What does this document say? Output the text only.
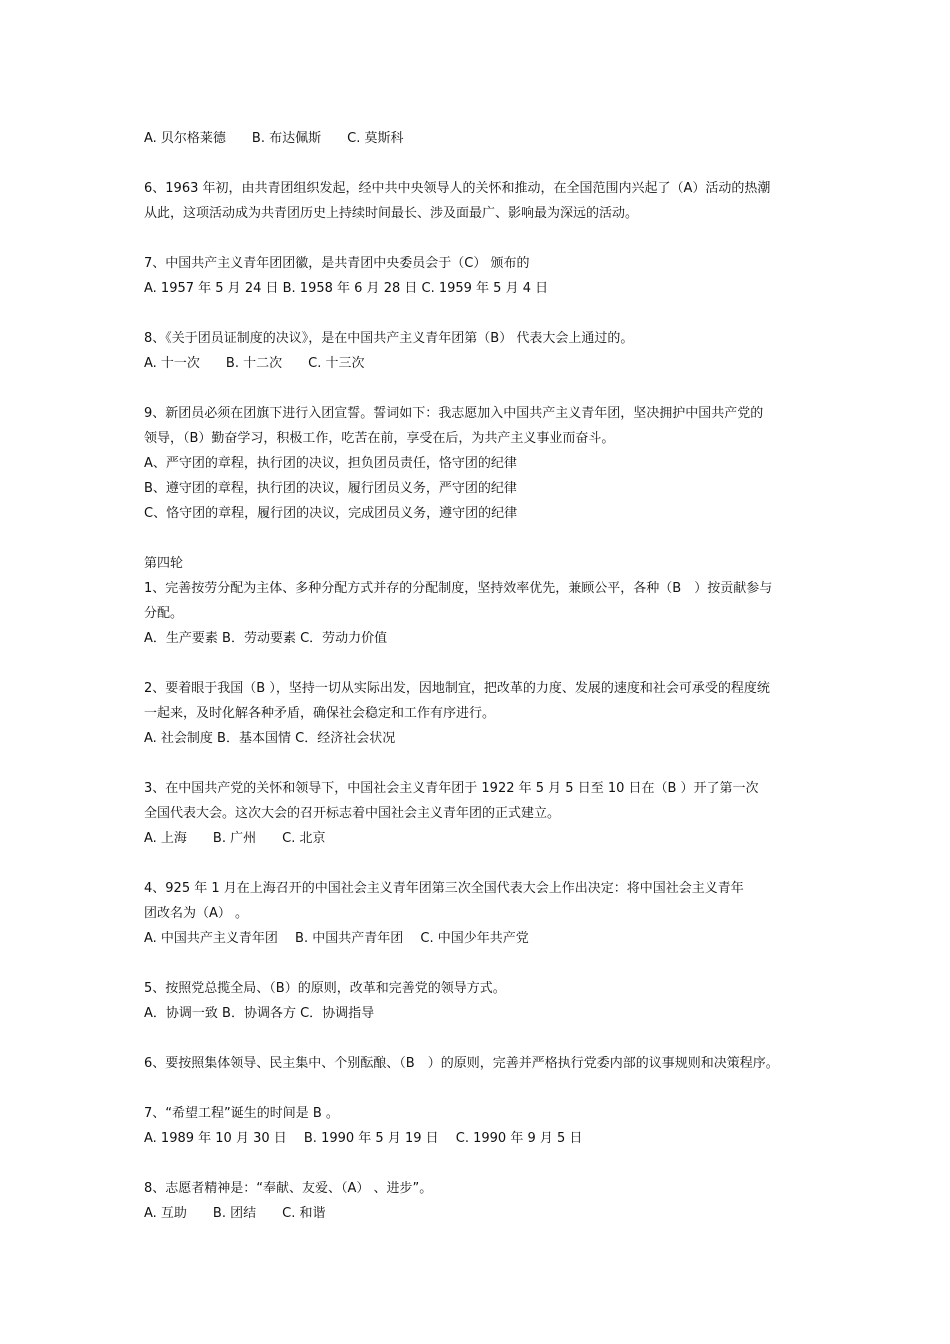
A. 贝尔格莱德　　B. 布达佩斯　　C. 莫斯科
6、1963 年初，由共青团组织发起，经中共中央领导人的关怀和推动，在全国范围内兴起了（A）活动的热潮
从此，这项活动成为共青团历史上持续时间最长、涉及面最广、影响最为深远的活动。
7、中国共产主义青年团团徽，是共青团中央委员会于（C） 颁布的
A. 1957 年 5 月 24 日 B. 1958 年 6 月 28 日 C. 1959 年 5 月 4 日
8、《关于团员证制度的决议》，是在中国共产主义青年团第（B） 代表大会上通过的。
A. 十一次　　B. 十二次　　C. 十三次
9、新团员必须在团旗下进行入团宣誓。誓词如下：我志愿加入中国共产主义青年团，坚决拥护中国共产党的
领导，（B）勤奋学习，积极工作，吃苦在前，享受在后，为共产主义事业而奋斗。
A、严守团的章程，执行团的决议，担负团员责任，恪守团的纪律
B、遵守团的章程，执行团的决议，履行团员义务，严守团的纪律
C、恪守团的章程，履行团的决议，完成团员义务，遵守团的纪律
第四轮
1、完善按劳分配为主体、多种分配方式并存的分配制度，坚持效率优先，兼顾公平，各种（B　）按贡献参与
分配。
A．生产要素 B．劳动要素 C．劳动力价值
2、要着眼于我国（B ），坚持一切从实际出发，因地制宜，把改革的力度、发展的速度和社会可承受的程度统
一起来，及时化解各种矛盾，确保社会稳定和工作有序进行。
A. 社会制度 B．基本国情 C．经济社会状况
3、在中国共产党的关怀和领导下，中国社会主义青年团于 1922 年 5 月 5 日至 10 日在（B ）开了第一次
全国代表大会。这次大会的召开标志着中国社会主义青年团的正式建立。
A. 上海　　B. 广州　　C. 北京
4、925 年 1 月在上海召开的中国社会主义青年团第三次全国代表大会上作出决定：将中国社会主义青年
团改名为（A） 。
A. 中国共产主义青年团　 B. 中国共产青年团　 C. 中国少年共产党
5、按照党总揽全局、（B）的原则，改革和完善党的领导方式。
A．协调一致 B．协调各方 C．协调指导
6、要按照集体领导、民主集中、个别酝酿、（B　）的原则，完善并严格执行党委内部的议事规则和决策程序。
7、“希望工程”诞生的时间是 B 。
A. 1989 年 10 月 30 日　 B. 1990 年 5 月 19 日　 C. 1990 年 9 月 5 日
8、志愿者精神是：“奉献、友爱、（A） 、进步”。
A. 互助　　B. 团结　　C. 和谐
